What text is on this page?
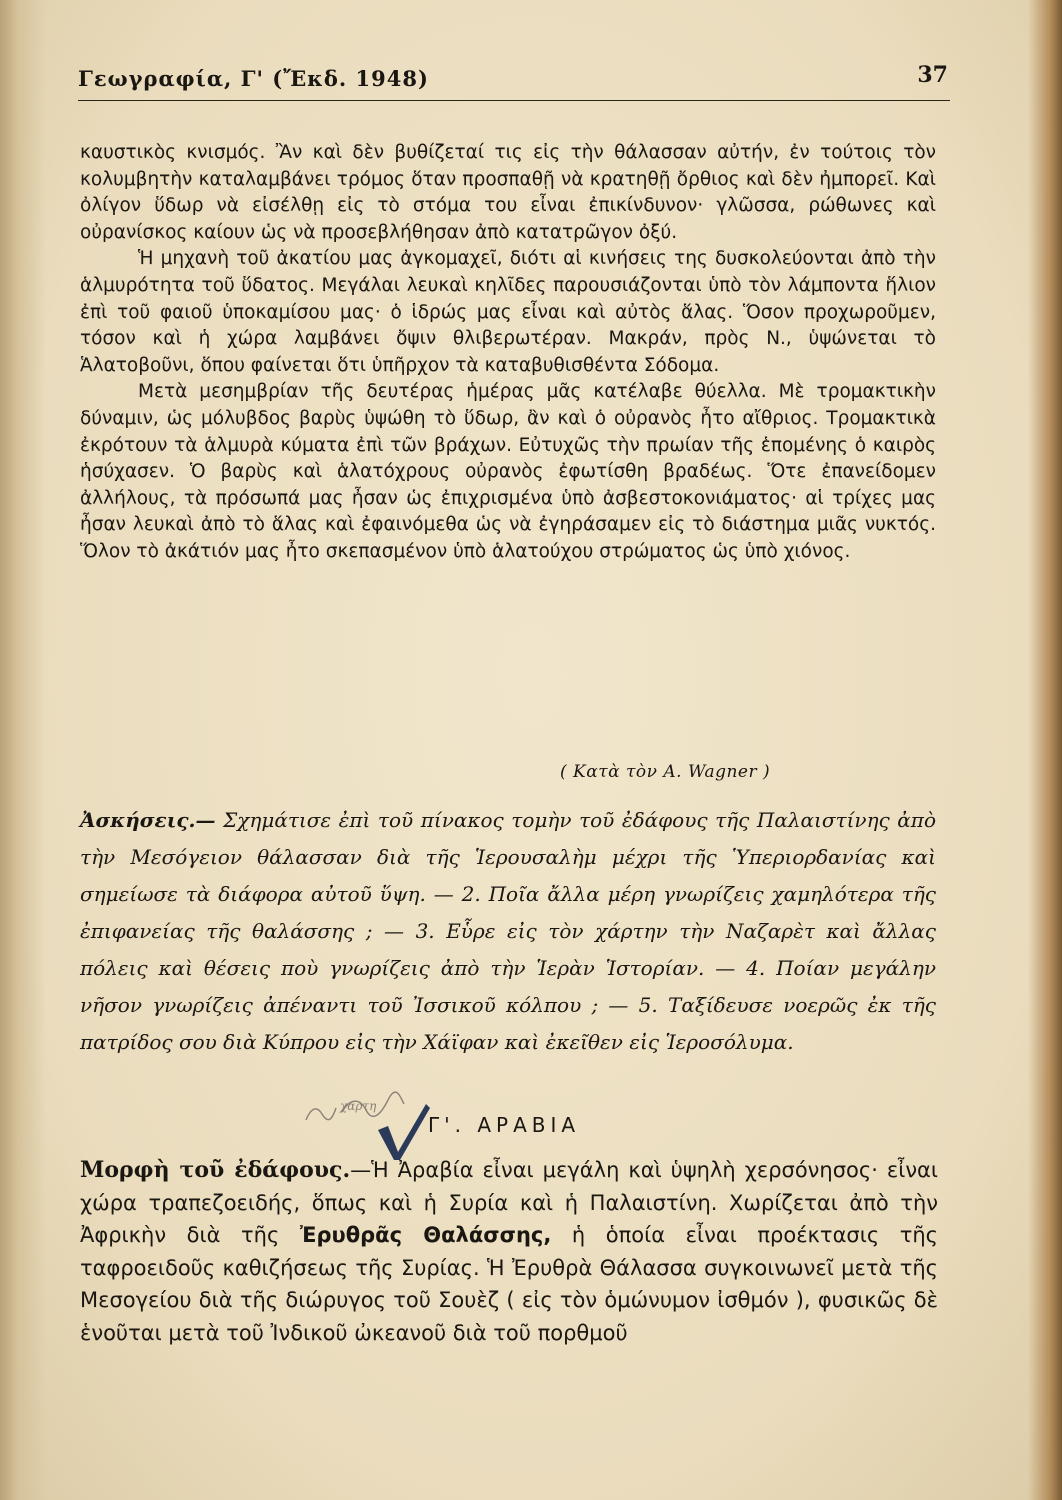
Γεωγραφία, Γ' (Ἔκδ. 1948)	37

καυστικὸς κνισμός. Ἂν καὶ δὲν βυθίζεταί τις εἰς τὴν θάλασσαν αὐτήν, ἐν τούτοις τὸν κολυμβητὴν καταλαμβάνει τρόμος ὅταν προσπαθῇ νὰ κρατηθῇ ὄρθιος καὶ δὲν ἠμπορεῖ. Καὶ ὀλίγον ὕδωρ νὰ εἰσέλθῃ εἰς τὸ στόμα του εἶναι ἐπικίνδυνον· γλῶσσα, ρώθωνες καὶ οὐρανίσκος καίουν ὡς νὰ προσεβλήθησαν ἀπὸ κατατρῶγον ὀξύ.

Ἡ μηχανὴ τοῦ ἀκατίου μας ἀγκομαχεῖ, διότι αἱ κινήσεις της δυσκολεύονται ἀπὸ τὴν ἁλμυρότητα τοῦ ὕδατος. Μεγάλαι λευκαὶ κηλῖδες παρουσιάζονται ὑπὸ τὸν λάμποντα ἥλιον ἐπὶ τοῦ φαιοῦ ὑποκαμίσου μας· ὁ ἱδρώς μας εἶναι καὶ αὐτὸς ἅλας. Ὅσον προχωροῦμεν, τόσον καὶ ἡ χώρα λαμβάνει ὄψιν θλιβερωτέραν. Μακράν, πρὸς Ν., ὑψώνεται τὸ Ἁλατοβοῦνι, ὅπου φαίνεται ὅτι ὑπῆρχον τὰ καταβυθισθέντα Σόδομα.

Μετὰ μεσημβρίαν τῆς δευτέρας ἡμέρας μᾶς κατέλαβε θύελλα. Μὲ τρομακτικὴν δύναμιν, ὡς μόλυβδος βαρὺς ὑψώθη τὸ ὕδωρ, ἂν καὶ ὁ οὐρανὸς ἦτο αἴθριος. Τρομακτικὰ ἐκρότουν τὰ ἁλμυρὰ κύματα ἐπὶ τῶν βράχων. Εὐτυχῶς τὴν πρωίαν τῆς ἑπομένης ὁ καιρὸς ἡσύχασεν. Ὁ βαρὺς καὶ ἁλατόχρους οὐρανὸς ἐφωτίσθη βραδέως. Ὅτε ἐπανείδομεν ἀλλήλους, τὰ πρόσωπά μας ἦσαν ὡς ἐπιχρισμένα ὑπὸ ἀσβεστοκονιάματος· αἱ τρίχες μας ἦσαν λευκαὶ ἀπὸ τὸ ἅλας καὶ ἐφαινόμεθα ὡς νὰ ἐγηράσαμεν εἰς τὸ διάστημα μιᾶς νυκτός. Ὅλον τὸ ἀκάτιόν μας ἦτο σκεπασμένον ὑπὸ ἁλατούχου στρώματος ὡς ὑπὸ χιόνος.

( Κατὰ τὸν A. Wagner )
Ἀσκήσεις.— Σχημάτισε ἐπὶ τοῦ πίνακος τομὴν τοῦ ἐδάφους τῆς Παλαιστίνης ἀπὸ τὴν Μεσόγειον θάλασσαν διὰ τῆς Ἱερουσαλὴμ μέχρι τῆς Ὑπεριορδανίας καὶ σημείωσε τὰ διάφορα αὐτοῦ ὕψη. — 2. Ποῖα ἄλλα μέρη γνωρίζεις χαμηλότερα τῆς ἐπιφανείας τῆς θαλάσσης ; — 3. Εὗρε εἰς τὸν χάρτην τὴν Ναζαρὲτ καὶ ἄλλας πόλεις καὶ θέσεις ποὺ γνωρίζεις ἀπὸ τὴν Ἱερὰν Ἱστορίαν. — 4. Ποίαν μεγάλην νῆσον γνωρίζεις ἀπέναντι τοῦ Ἰσσικοῦ κόλπου ; — 5. Ταξίδευσε νοερῶς ἐκ τῆς πατρίδος σου διὰ Κύπρου εἰς τὴν Χάϊφαν καὶ ἐκεῖθεν εἰς Ἱεροσόλυμα.
χαρτη
Γ'. ΑΡΑΒΙΑ
Μορφὴ τοῦ ἐδάφους.—Ἡ Ἀραβία εἶναι μεγάλη καὶ ὑψηλὴ χερσόνησος· εἶναι χώρα τραπεζοειδής, ὅπως καὶ ἡ Συρία καὶ ἡ Παλαιστίνη. Χωρίζεται ἀπὸ τὴν Ἀφρικὴν διὰ τῆς Ἐρυθρᾶς Θαλάσσης, ἡ ὁποία εἶναι προέκτασις τῆς ταφροειδοῦς καθιζήσεως τῆς Συρίας. Ἡ Ἐρυθρὰ Θάλασσα συγκοινωνεῖ μετὰ τῆς Μεσογείου διὰ τῆς διώρυγος τοῦ Σουὲζ ( εἰς τὸν ὁμώνυμον ἰσθμόν ), φυσικῶς δὲ ἑνοῦται μετὰ τοῦ Ἰνδικοῦ ὠκεανοῦ διὰ τοῦ πορθμοῦ
